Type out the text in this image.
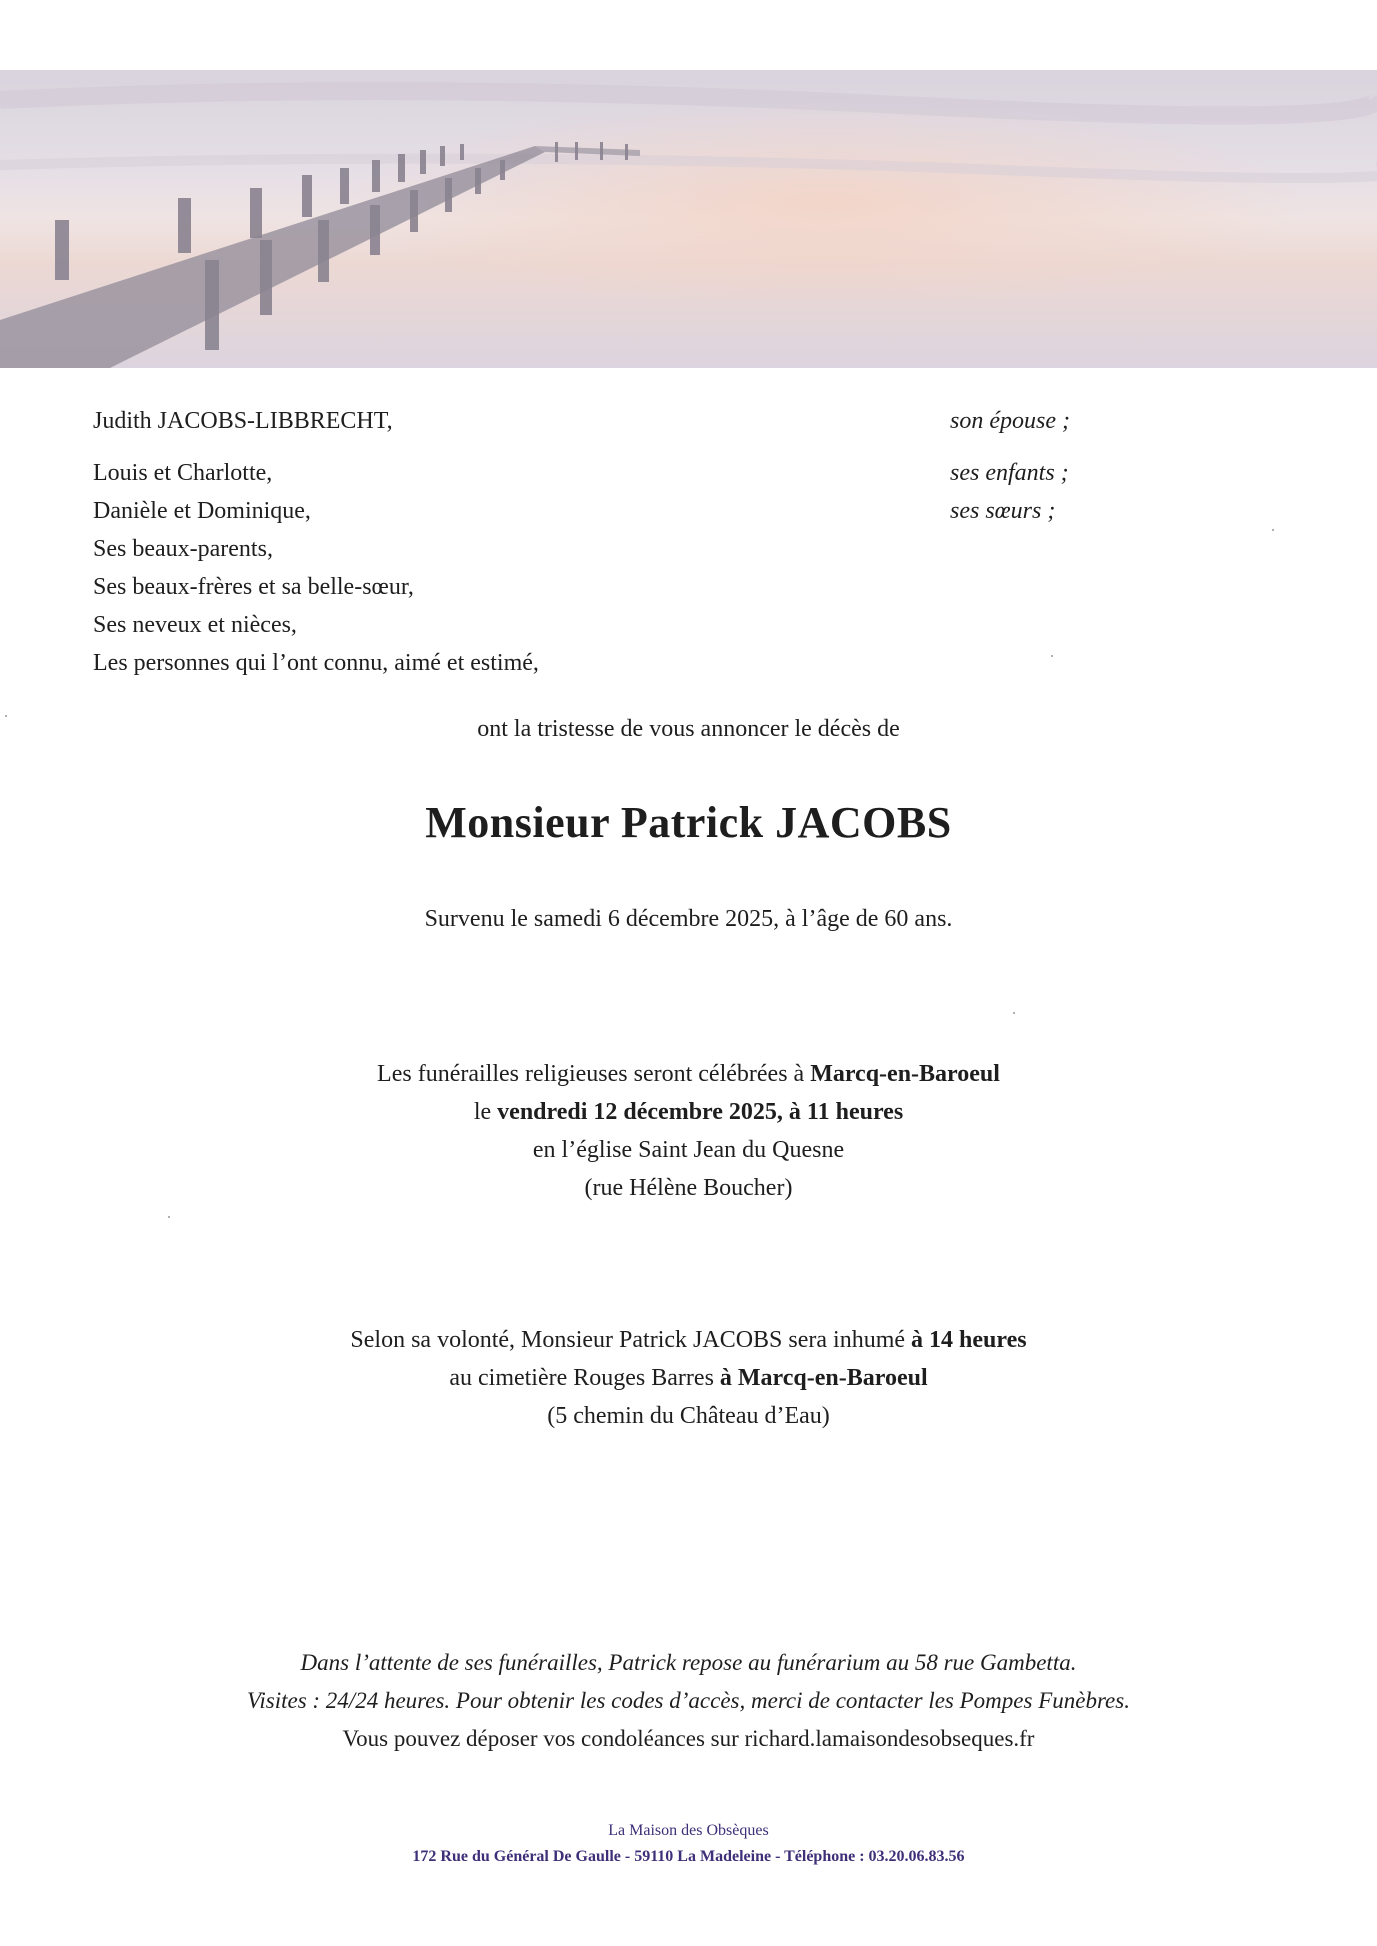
Judith JACOBS-LIBBRECHT,	son épouse ;
Louis et Charlotte,	ses enfants ;
Danièle et Dominique,	ses sœurs ;
Ses beaux-parents,
Ses beaux-frères et sa belle-sœur,
Ses neveux et nièces,
Les personnes qui l’ont connu, aimé et estimé,
ont la tristesse de vous annoncer le décès de
Monsieur Patrick JACOBS
Survenu le samedi 6 décembre 2025, à l’âge de 60 ans.
Les funérailles religieuses seront célébrées à Marcq-en-Baroeul
le vendredi 12 décembre 2025, à 11 heures
en l’église Saint Jean du Quesne
(rue Hélène Boucher)
Selon sa volonté, Monsieur Patrick JACOBS sera inhumé à 14 heures
au cimetière Rouges Barres à Marcq-en-Baroeul
(5 chemin du Château d’Eau)
Dans l’attente de ses funérailles, Patrick repose au funérarium au 58 rue Gambetta.
Visites : 24/24 heures. Pour obtenir les codes d’accès, merci de contacter les Pompes Funèbres.
Vous pouvez déposer vos condoléances sur richard.lamaisondesobseques.fr
La Maison des Obsèques
172 Rue du Général De Gaulle - 59110 La Madeleine - Téléphone : 03.20.06.83.56
